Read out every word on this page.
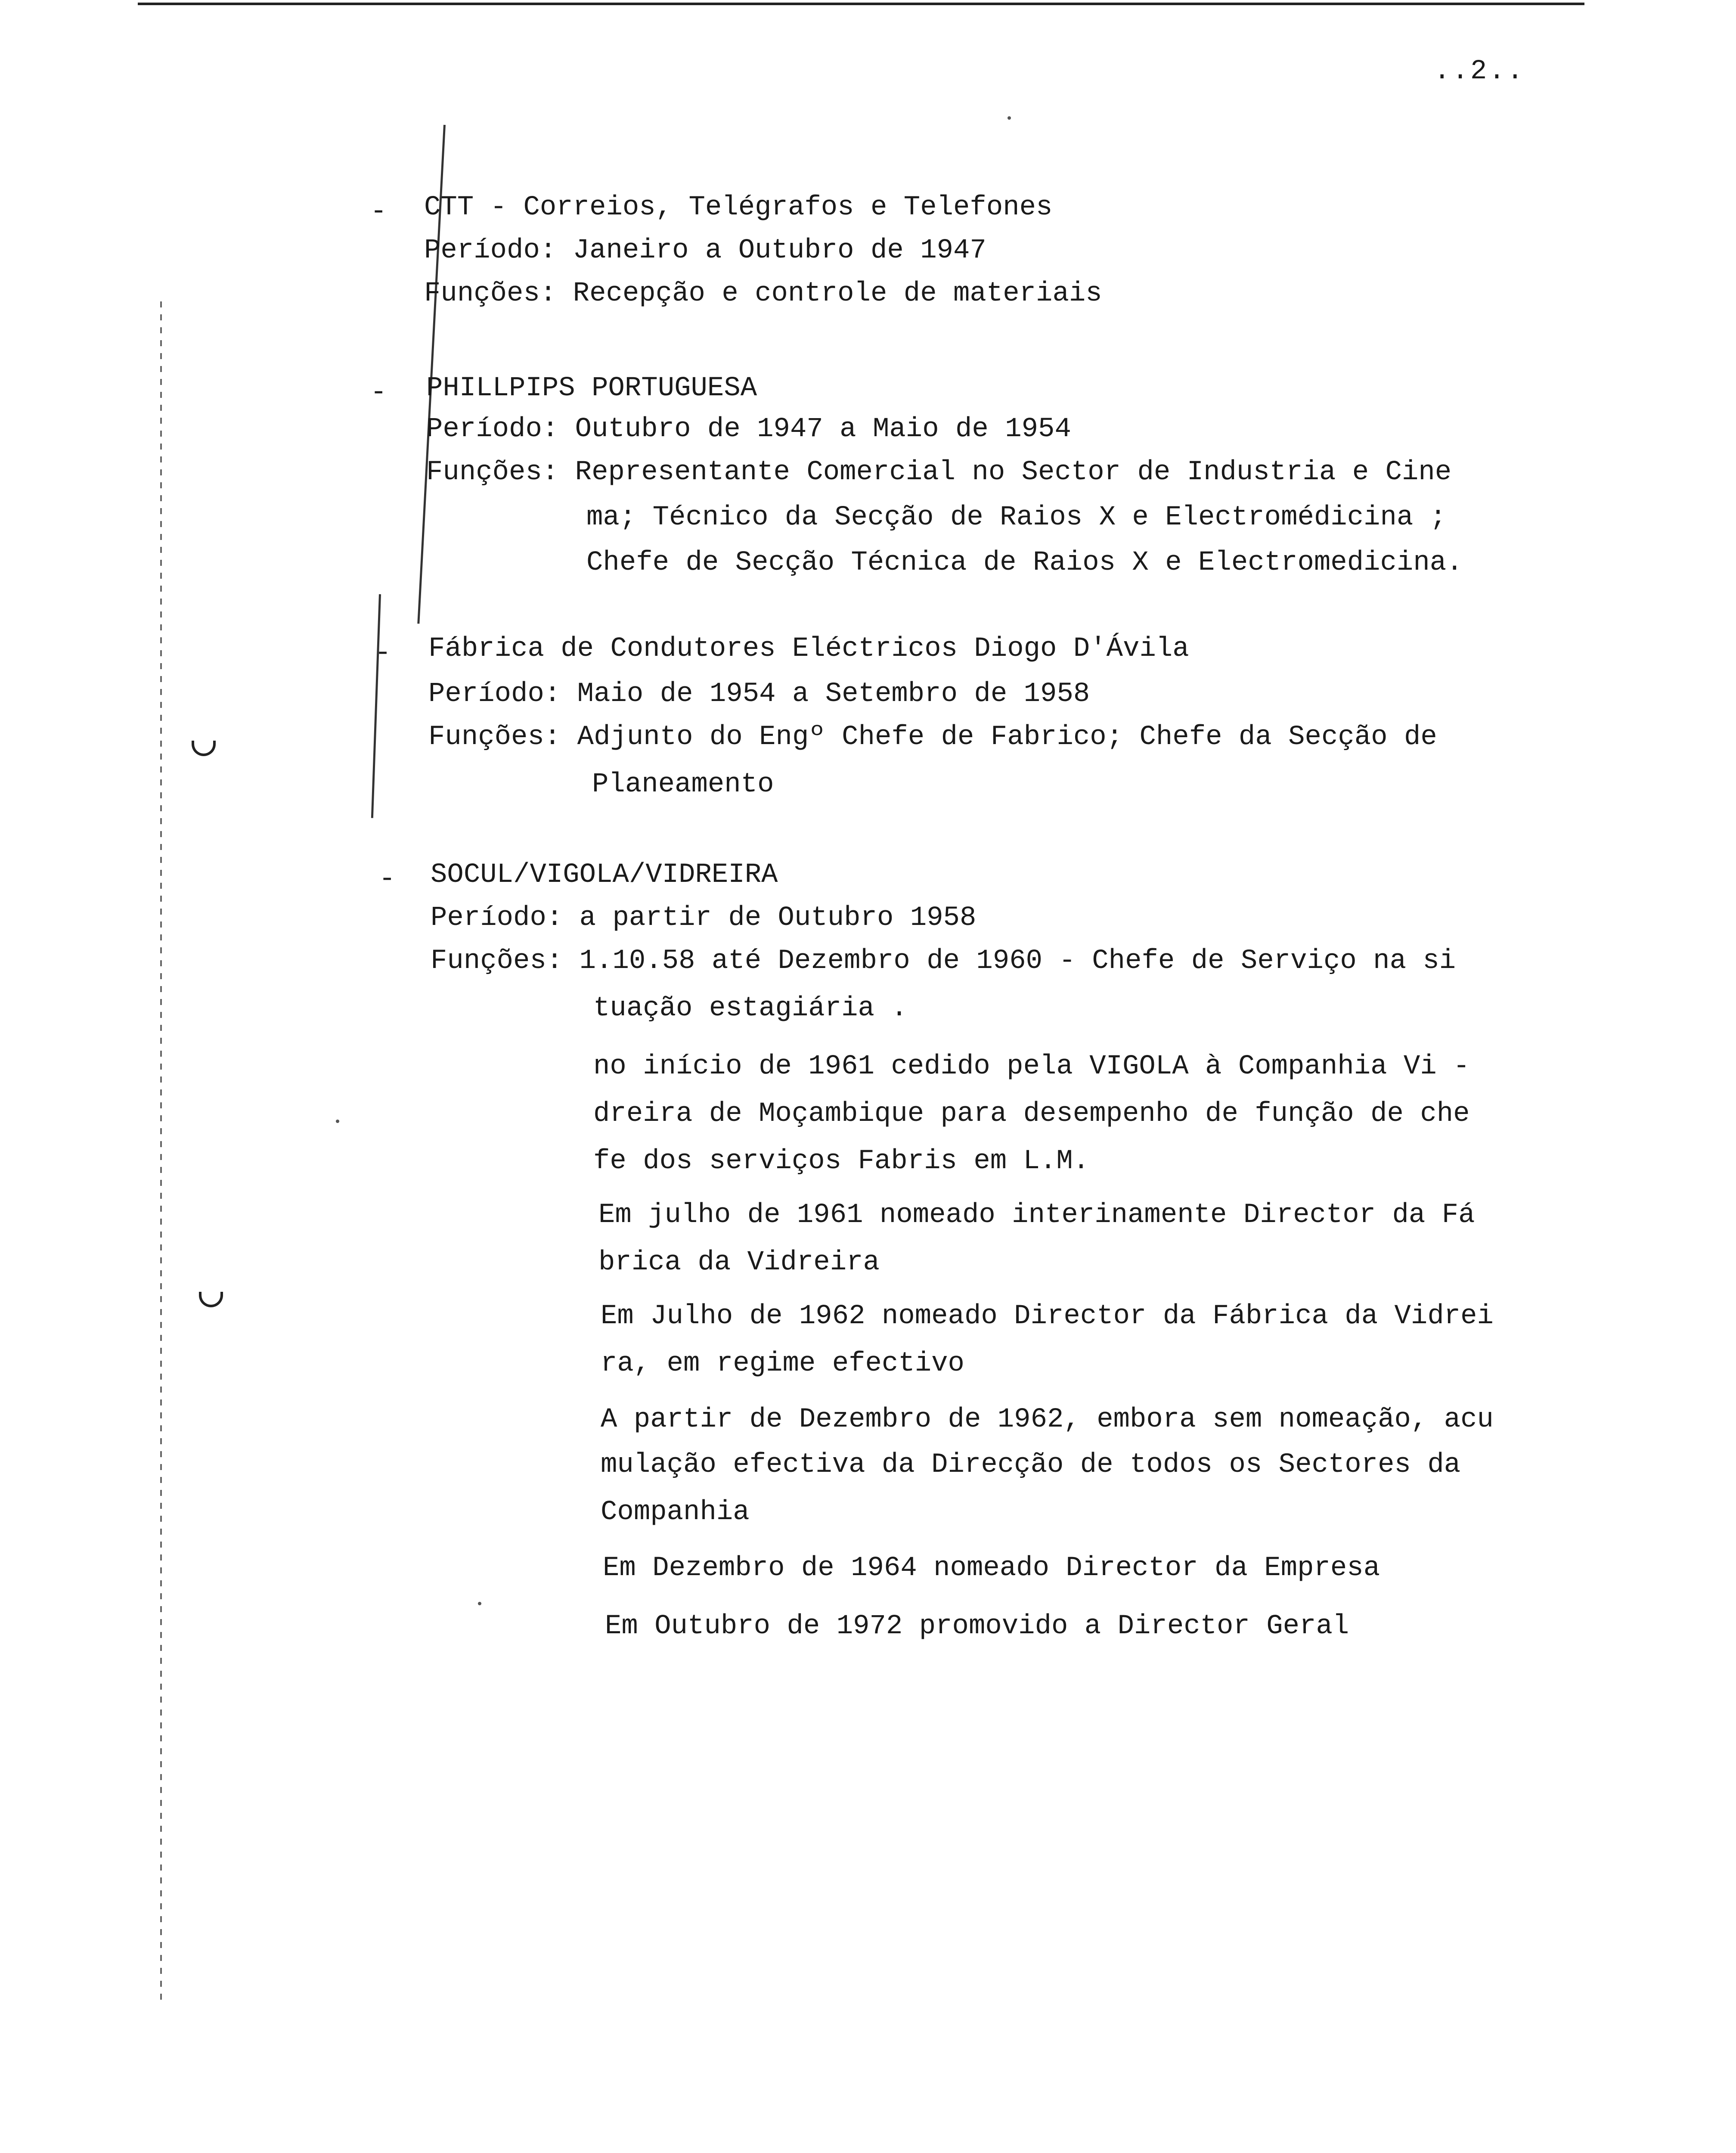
..2..
- CTT - Correios, Telégrafos e Telefones
Período: Janeiro a Outubro de 1947
Funções: Recepção e controle de materiais
- PHILLPIPS PORTUGUESA
Período: Outubro de 1947 a Maio de 1954
Funções: Representante Comercial no Sector de Industria e Cine
ma; Técnico da Secção de Raios X e Electromédicina ;
Chefe de Secção Técnica de Raios X e Electromedicina.
- Fábrica de Condutores Eléctricos Diogo D'Ávila
Período: Maio de 1954 a Setembro de 1958
Funções: Adjunto do Engº Chefe de Fabrico; Chefe da Secção de
Planeamento
- SOCUL/VIGOLA/VIDREIRA
Período: a partir de Outubro 1958
Funções: 1.10.58 até Dezembro de 1960 - Chefe de Serviço na si
tuação estagiária .
no início de 1961 cedido pela VIGOLA à Companhia Vi -
dreira de Moçambique para desempenho de função de che
fe dos serviços Fabris em L.M.
Em julho de 1961 nomeado interinamente Director da Fá
brica da Vidreira
Em Julho de 1962 nomeado Director da Fábrica da Vidrei
ra, em regime efectivo
A partir de Dezembro de 1962, embora sem nomeação, acu
mulação efectiva da Direcção de todos os Sectores da
Companhia
Em Dezembro de 1964 nomeado Director da Empresa
Em Outubro de 1972 promovido a Director Geral
